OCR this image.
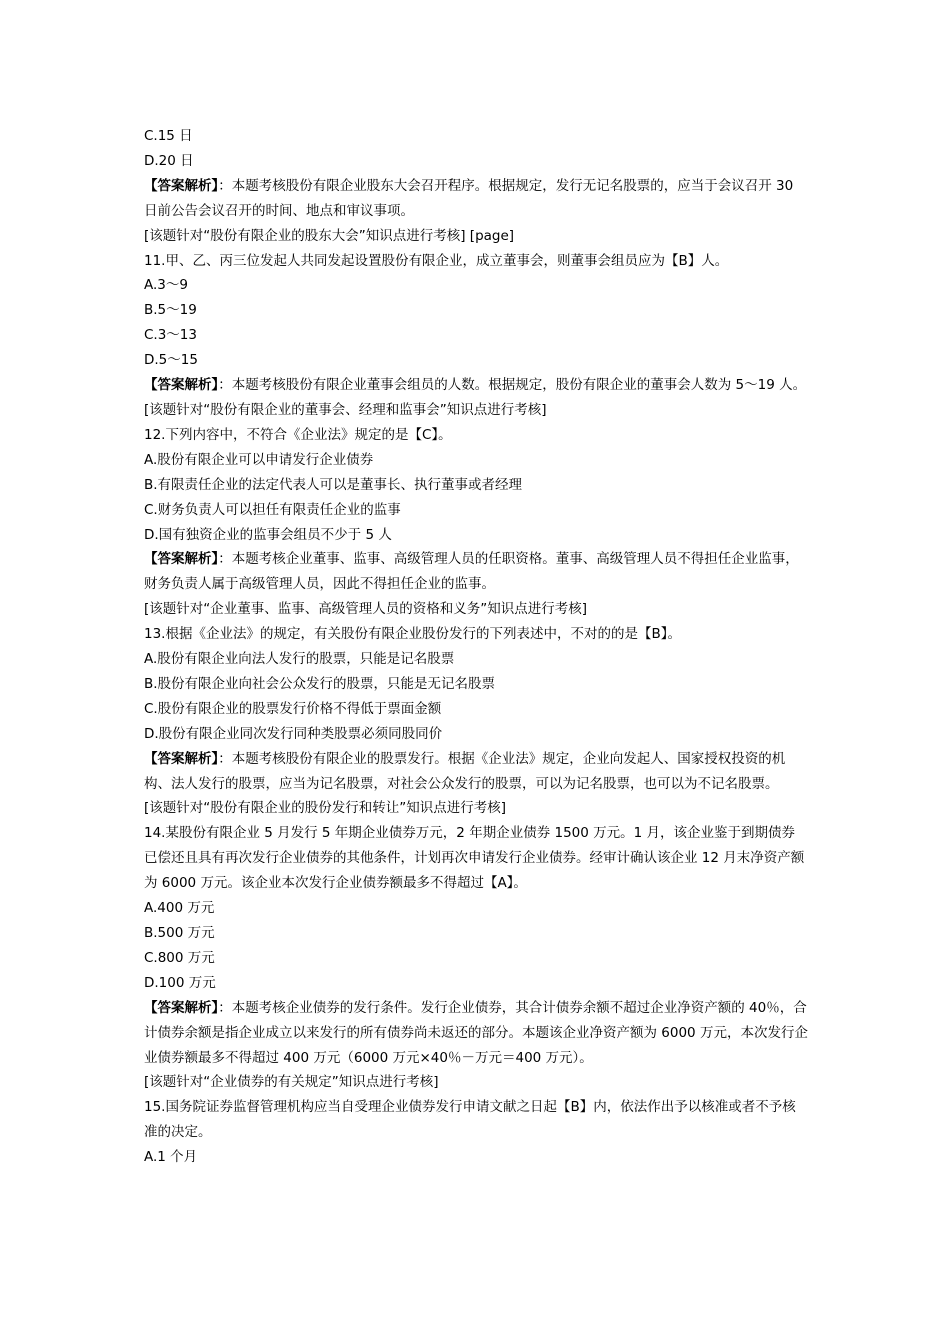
C.15 日
D.20 日
【答案解析】：本题考核股份有限企业股东大会召开程序。根据规定，发行无记名股票的，应当于会议召开 30 日前公告会议召开的时间、地点和审议事项。
[该题针对“股份有限企业的股东大会”知识点进行考核] [page]
11.甲、乙、丙三位发起人共同发起设置股份有限企业，成立董事会，则董事会组员应为【B】人。
A.3～9
B.5～19
C.3～13
D.5～15
【答案解析】：本题考核股份有限企业董事会组员的人数。根据规定，股份有限企业的董事会人数为 5～19 人。
[该题针对“股份有限企业的董事会、经理和监事会”知识点进行考核]
12.下列内容中，不符合《企业法》规定的是【C】。
A.股份有限企业可以申请发行企业债券
B.有限责任企业的法定代表人可以是董事长、执行董事或者经理
C.财务负责人可以担任有限责任企业的监事
D.国有独资企业的监事会组员不少于 5 人
【答案解析】：本题考核企业董事、监事、高级管理人员的任职资格。董事、高级管理人员不得担任企业监事，财务负责人属于高级管理人员，因此不得担任企业的监事。
[该题针对“企业董事、监事、高级管理人员的资格和义务”知识点进行考核]
13.根据《企业法》的规定，有关股份有限企业股份发行的下列表述中，不对的的是【B】。
A.股份有限企业向法人发行的股票，只能是记名股票
B.股份有限企业向社会公众发行的股票，只能是无记名股票
C.股份有限企业的股票发行价格不得低于票面金额
D.股份有限企业同次发行同种类股票必须同股同价
【答案解析】：本题考核股份有限企业的股票发行。根据《企业法》规定，企业向发起人、国家授权投资的机构、法人发行的股票，应当为记名股票，对社会公众发行的股票，可以为记名股票，也可以为不记名股票。
[该题针对“股份有限企业的股份发行和转让”知识点进行考核]
14.某股份有限企业 5 月发行 5 年期企业债券万元，2 年期企业债券 1500 万元。1 月，该企业鉴于到期债券已偿还且具有再次发行企业债券的其他条件，计划再次申请发行企业债券。经审计确认该企业 12 月末净资产额为 6000 万元。该企业本次发行企业债券额最多不得超过【A】。
A.400 万元
B.500 万元
C.800 万元
D.100 万元
【答案解析】：本题考核企业债券的发行条件。发行企业债券，其合计债券余额不超过企业净资产额的 40％，合计债券余额是指企业成立以来发行的所有债券尚未返还的部分。本题该企业净资产额为 6000 万元，本次发行企业债券额最多不得超过 400 万元（6000 万元×40％－万元＝400 万元）。
[该题针对“企业债券的有关规定”知识点进行考核]
15.国务院证券监督管理机构应当自受理企业债券发行申请文献之日起【B】内，依法作出予以核准或者不予核准的决定。
A.1 个月
